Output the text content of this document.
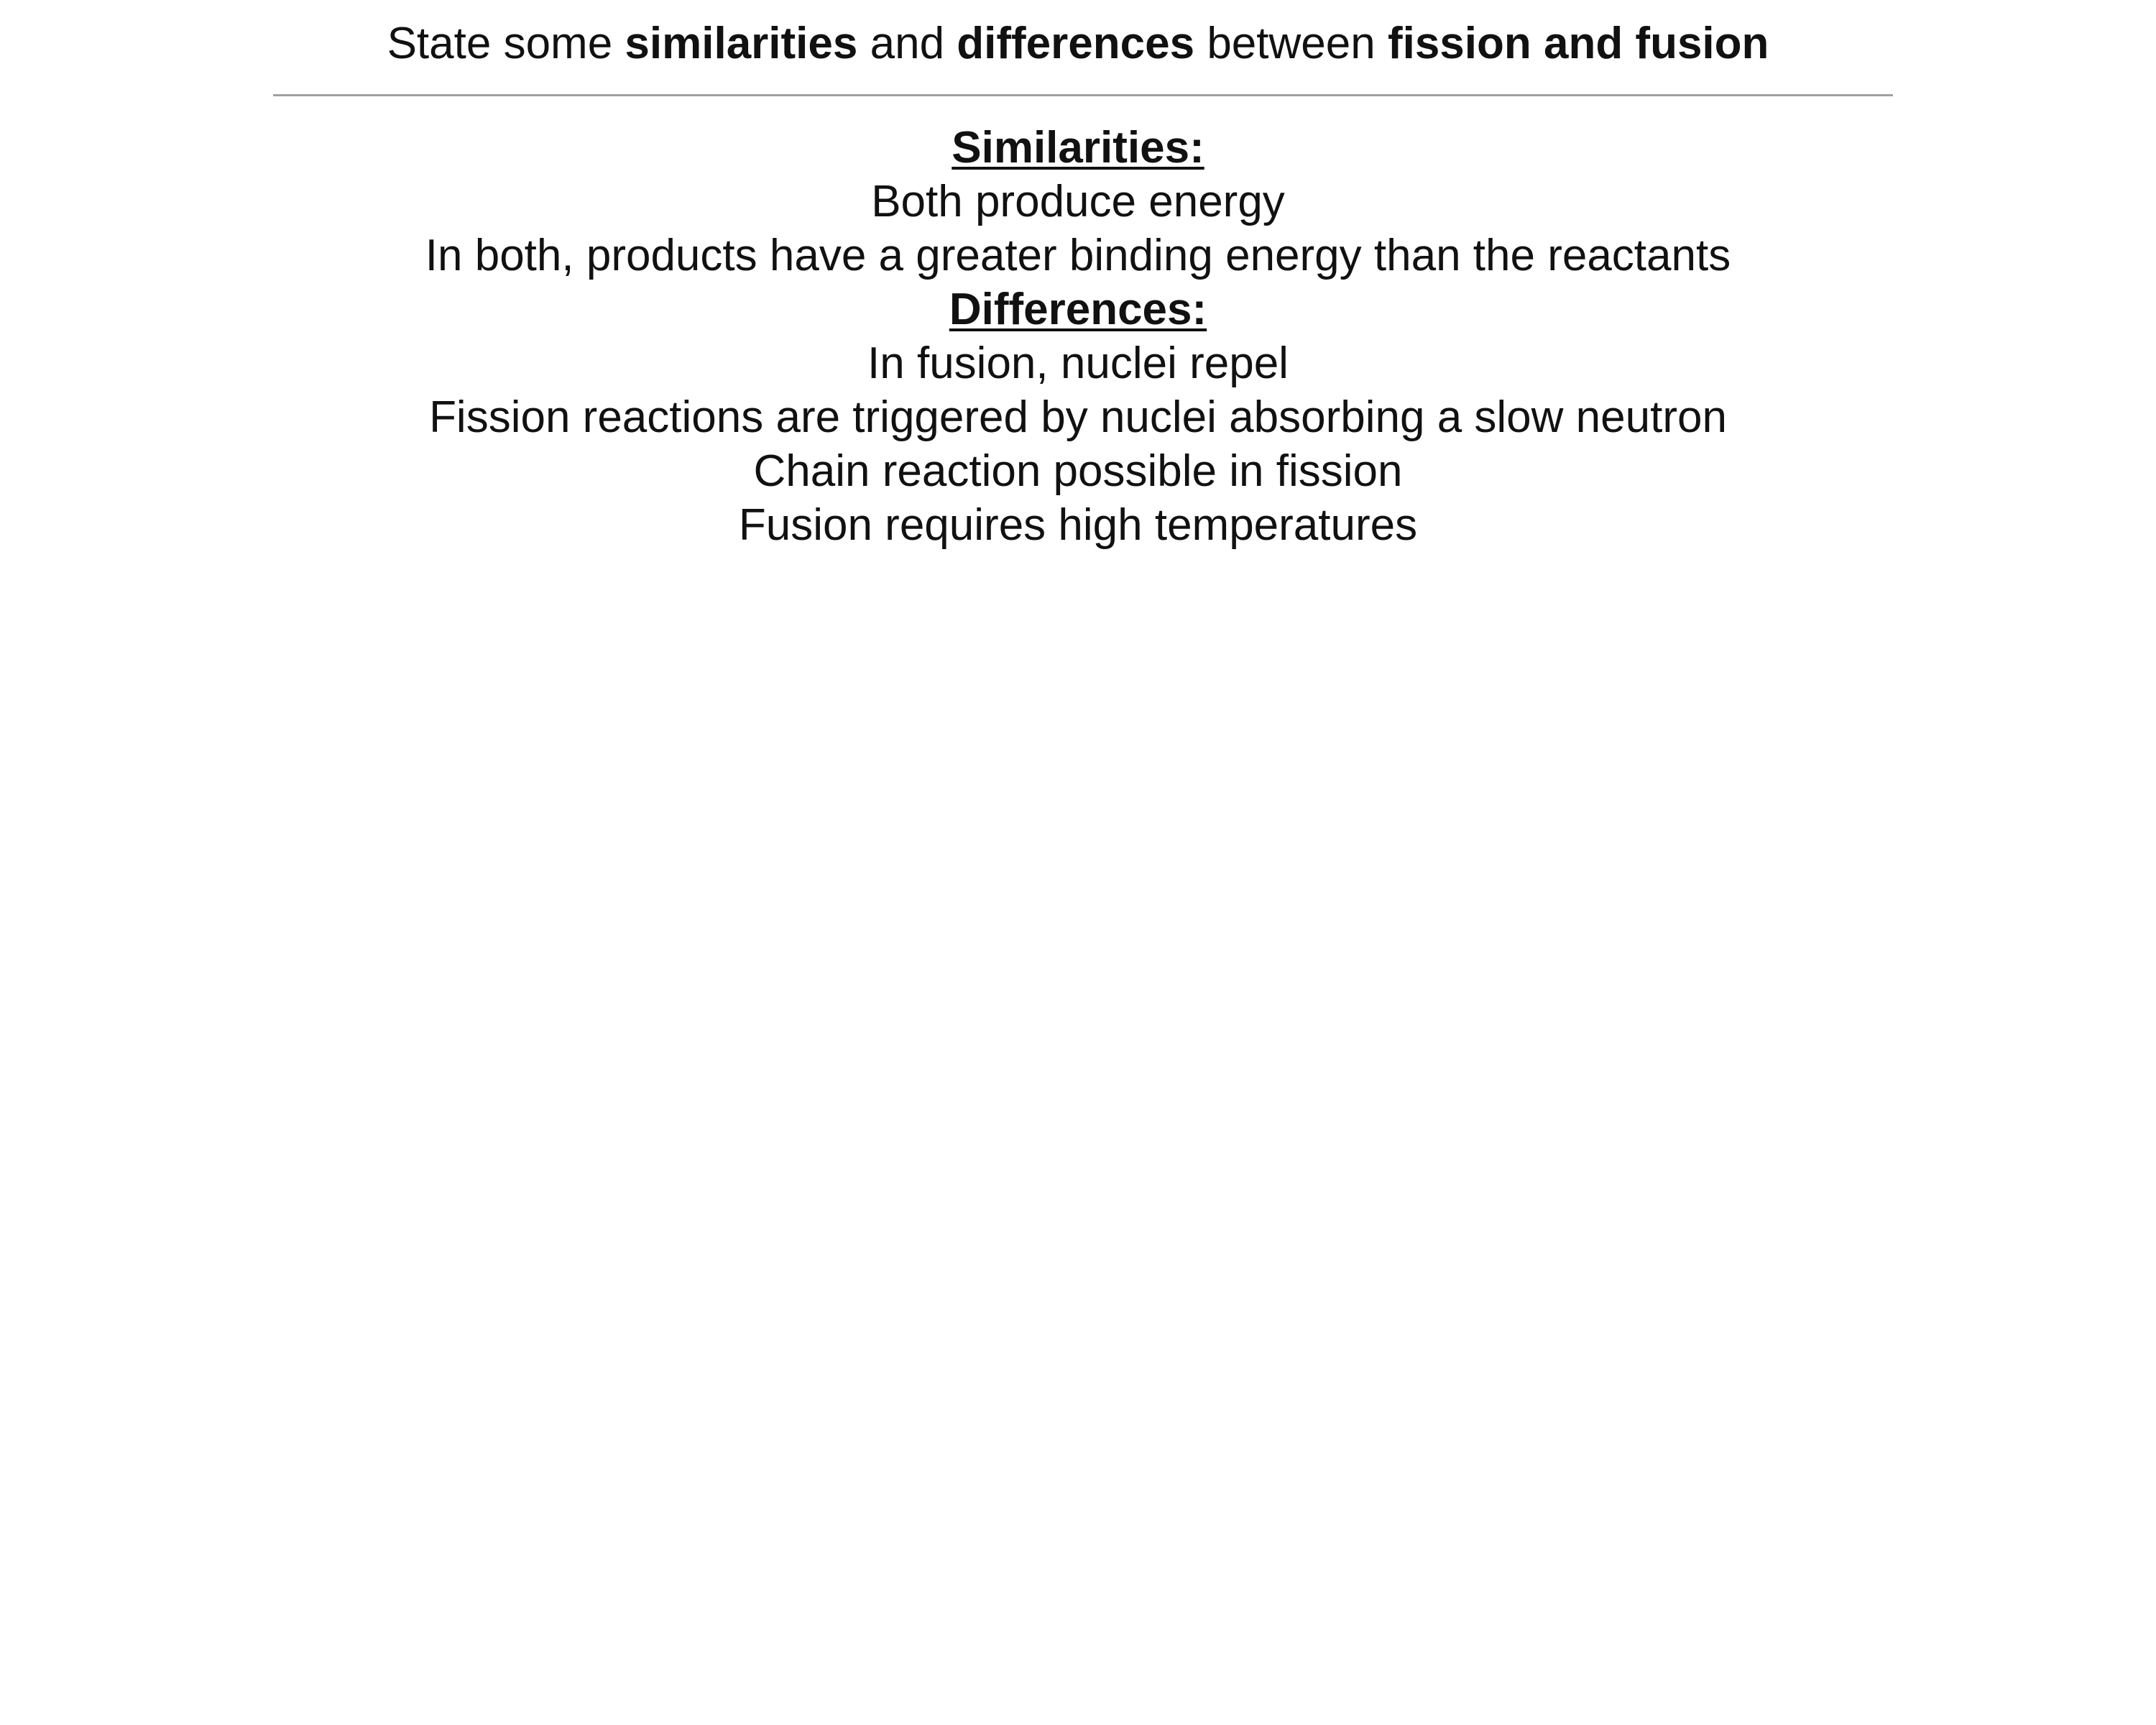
State some similarities and differences between fission and fusion
Similarities:
Both produce energy
In both, products have a greater binding energy than the reactants
Differences:
In fusion, nuclei repel
Fission reactions are triggered by nuclei absorbing a slow neutron
Chain reaction possible in fission
Fusion requires high temperatures
